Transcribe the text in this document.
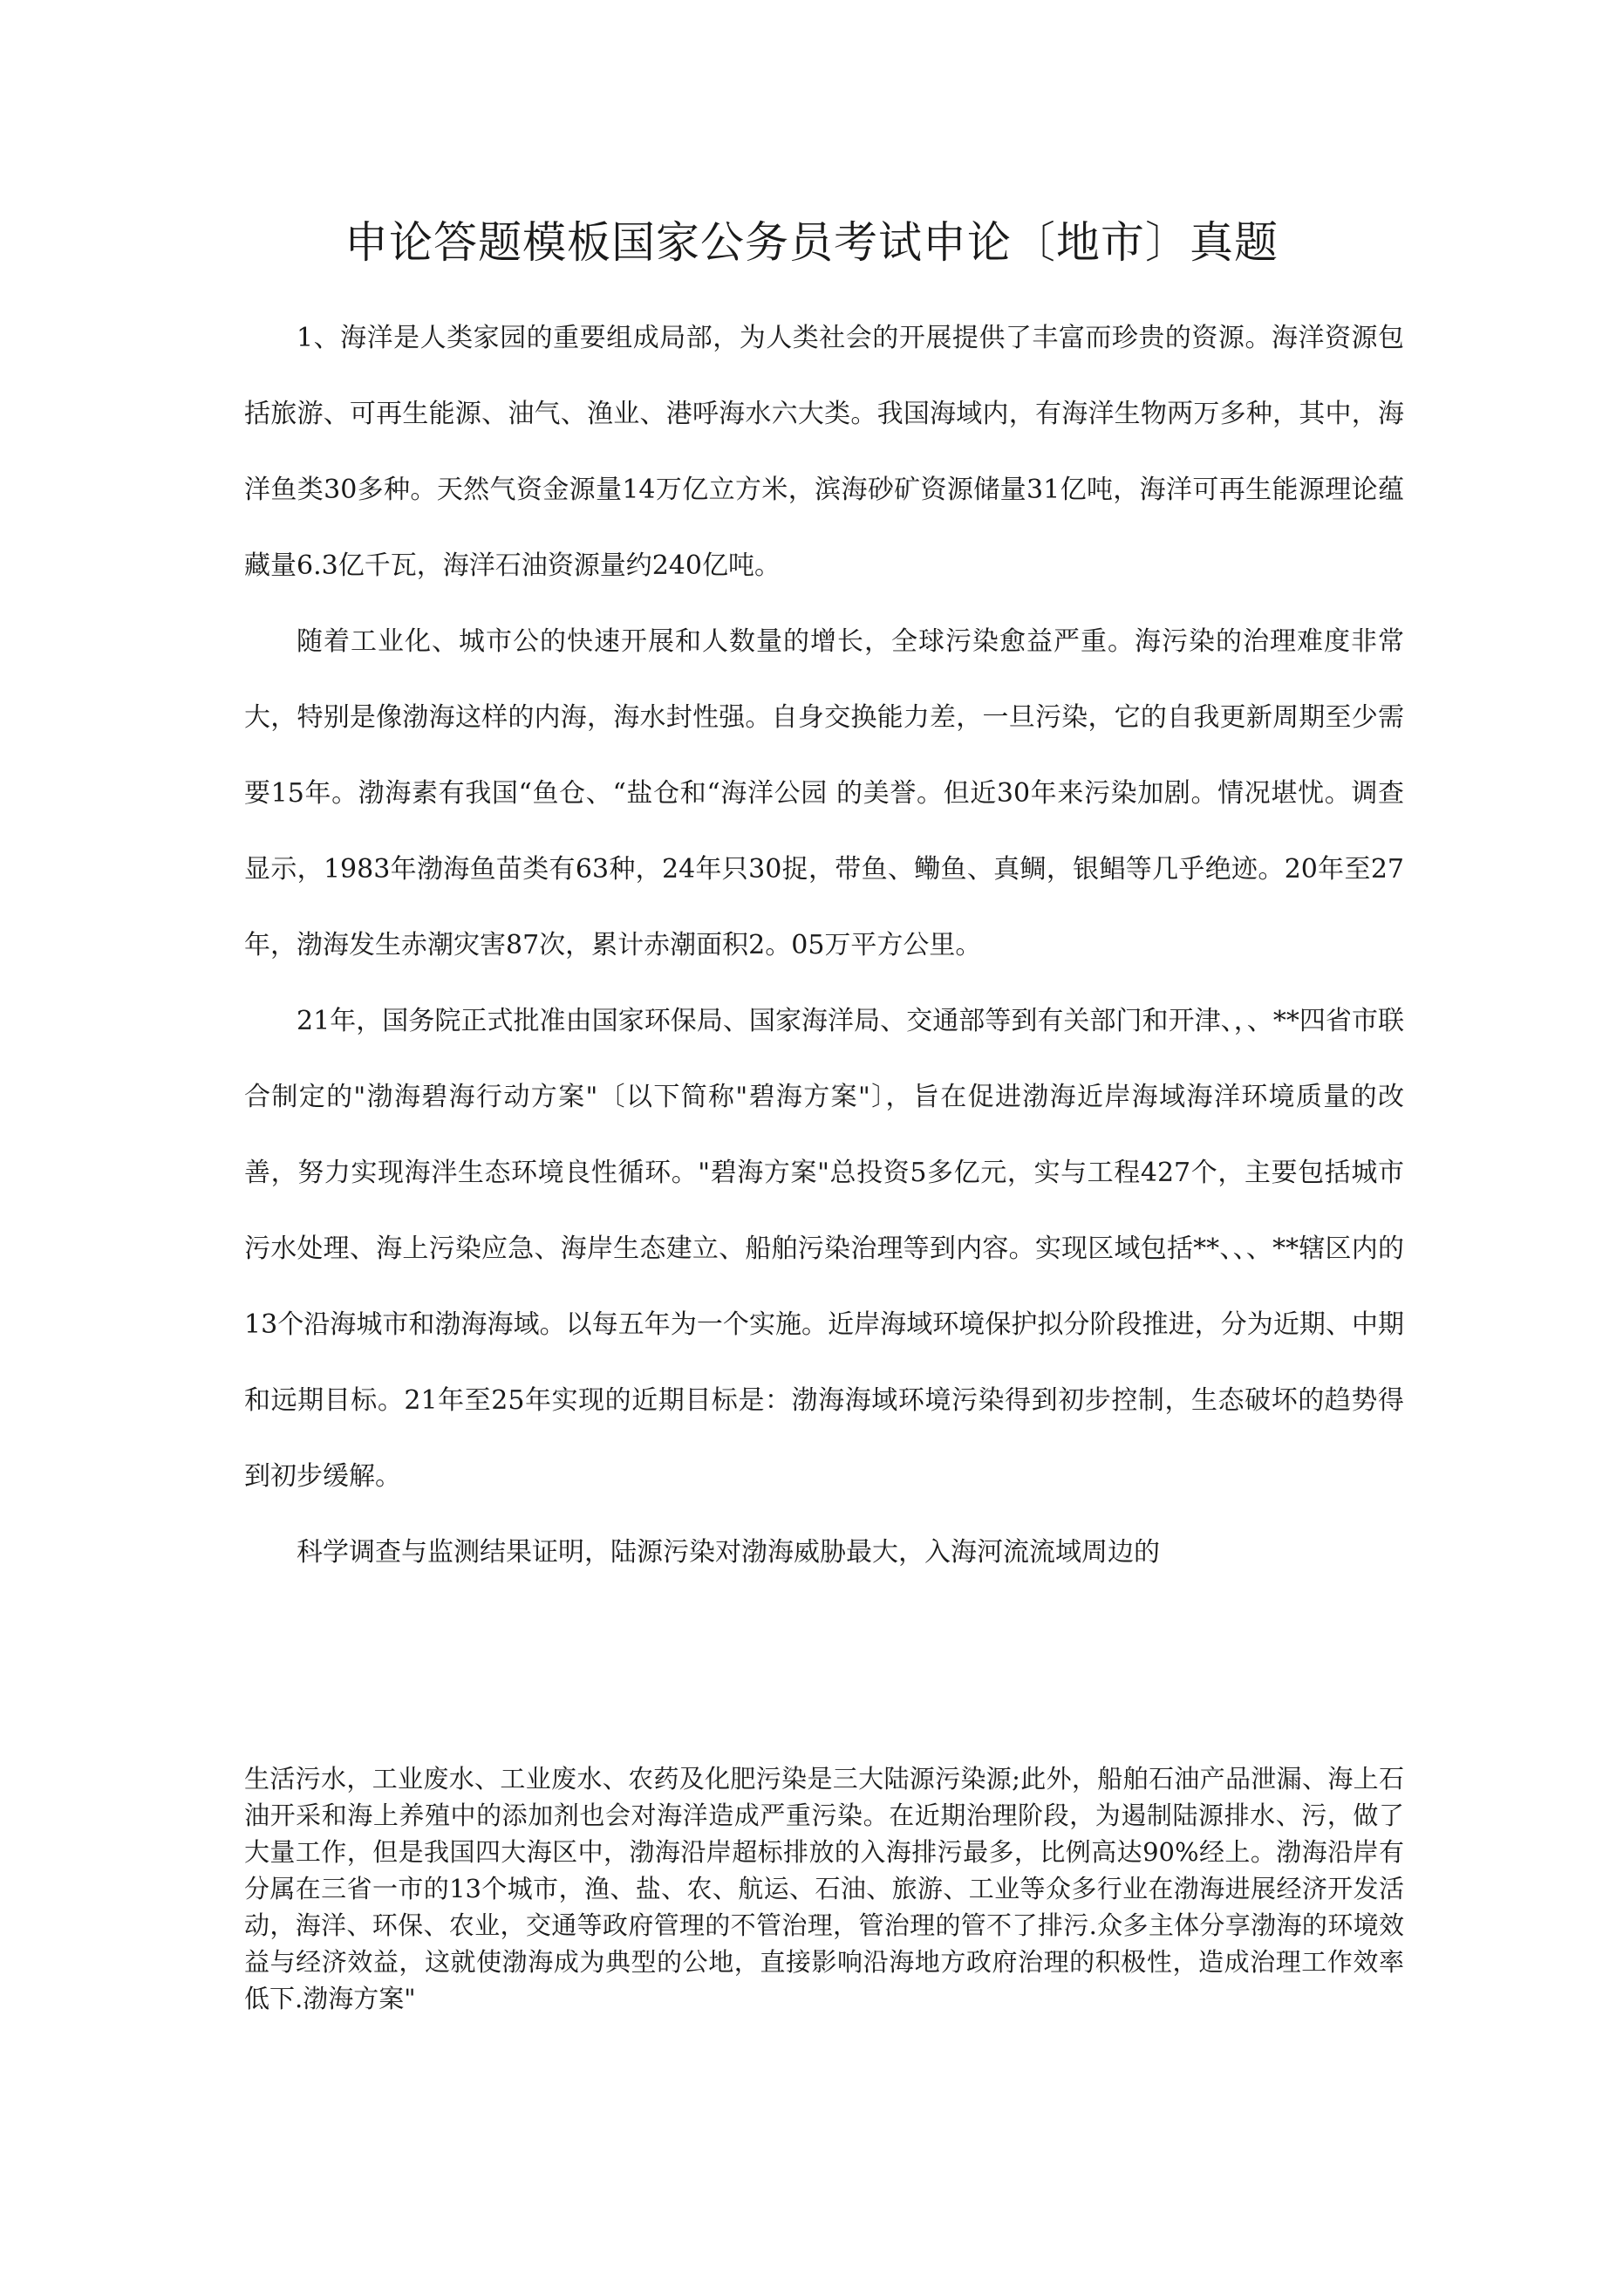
申论答题模板国家公务员考试申论〔地市〕真题

1、海洋是人类家园的重要组成局部，为人类社会的开展提供了丰富而珍贵的资源。海洋资源包括旅游、可再生能源、油气、渔业、港呼海水六大类。我国海域内，有海洋生物两万多种，其中，海洋鱼类30多种。天然气资金源量14万亿立方米，滨海砂矿资源储量31亿吨，海洋可再生能源理论蕴藏量6.3亿千瓦，海洋石油资源量约240亿吨。

随着工业化、城市公的快速开展和人数量的增长，全球污染愈益严重。海污染的治理难度非常大，特别是像渤海这样的内海，海水封性强。自身交换能力差，一旦污染，它的自我更新周期至少需要15年。渤海素有我国“鱼仓、“盐仓和“海洋公园 的美誉。但近30年来污染加剧。情况堪忧。调查显示，1983年渤海鱼苗类有63种，24年只30捉，带鱼、鳓鱼、真鲷，银鲳等几乎绝迹。20年至27年，渤海发生赤潮灾害87次，累计赤潮面积2。05万平方公里。

21年，国务院正式批准由国家环保局、国家海洋局、交通部等到有关部门和开津、，、**四省市联合制定的"渤海碧海行动方案"〔以下简称"碧海方案"〕，旨在促进渤海近岸海域海洋环境质量的改善，努力实现海泮生态环境良性循环。"碧海方案"总投资5多亿元，实与工程427个，主要包括城市污水处理、海上污染应急、海岸生态建立、船舶污染治理等到内容。实现区域包括**、、、**辖区内的13个沿海城市和渤海海域。以每五年为一个实施。近岸海域环境保护拟分阶段推进，分为近期、中期和远期目标。21年至25年实现的近期目标是：渤海海域环境污染得到初步控制，生态破坏的趋势得到初步缓解。

科学调查与监测结果证明，陆源污染对渤海威胁最大，入海河流流域周边的

生活污水，工业废水、工业废水、农药及化肥污染是三大陆源污染源;此外，船舶石油产品泄漏、海上石油开采和海上养殖中的添加剂也会对海洋造成严重污染。在近期治理阶段，为遏制陆源排水、污，做了大量工作，但是我国四大海区中，渤海沿岸超标排放的入海排污最多，比例高达90%经上。渤海沿岸有分属在三省一市的13个城市，渔、盐、农、航运、石油、旅游、工业等众多行业在渤海进展经济开发活动，海洋、环保、农业，交通等政府管理的不管治理，管治理的管不了排污.众多主体分享渤海的环境效益与经济效益，这就使渤海成为典型的公地，直接影响沿海地方政府治理的积极性，造成治理工作效率低下.渤海方案"
